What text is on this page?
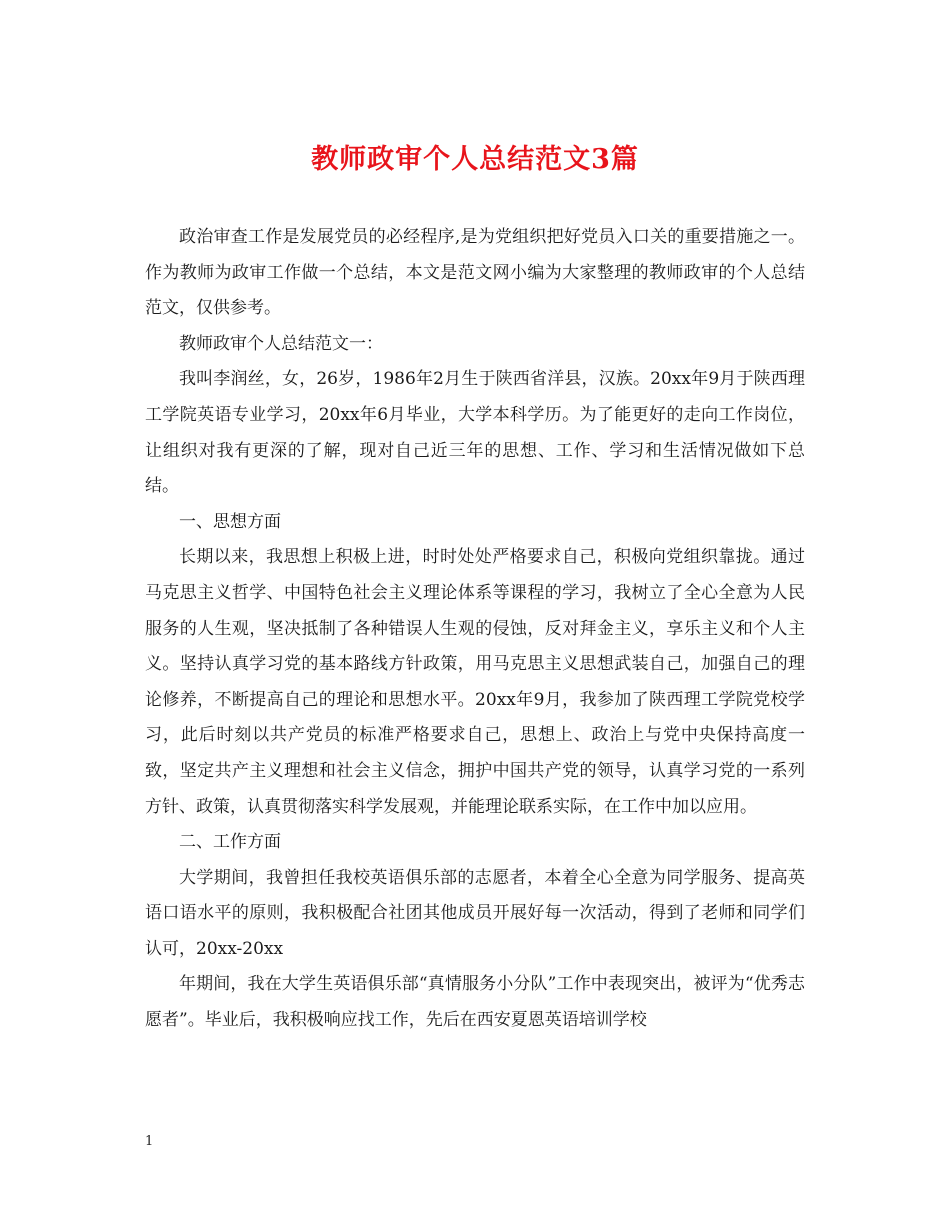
教师政审个人总结范文3篇

政治审查工作是发展党员的必经程序,是为党组织把好党员入口关的重要措施之一。作为教师为政审工作做一个总结，本文是范文网小编为大家整理的教师政审的个人总结范文，仅供参考。

教师政审个人总结范文一：

我叫李润丝，女，26岁，1986年2月生于陕西省洋县，汉族。20xx年9月于陕西理工学院英语专业学习，20xx年6月毕业，大学本科学历。为了能更好的走向工作岗位，让组织对我有更深的了解，现对自己近三年的思想、工作、学习和生活情况做如下总结。

一、思想方面

长期以来，我思想上积极上进，时时处处严格要求自己，积极向党组织靠拢。通过马克思主义哲学、中国特色社会主义理论体系等课程的学习，我树立了全心全意为人民服务的人生观，坚决抵制了各种错误人生观的侵蚀，反对拜金主义，享乐主义和个人主义。坚持认真学习党的基本路线方针政策，用马克思主义思想武装自己，加强自己的理论修养，不断提高自己的理论和思想水平。20xx年9月，我参加了陕西理工学院党校学习，此后时刻以共产党员的标准严格要求自己，思想上、政治上与党中央保持高度一致，坚定共产主义理想和社会主义信念，拥护中国共产党的领导，认真学习党的一系列方针、政策，认真贯彻落实科学发展观，并能理论联系实际，在工作中加以应用。

二、工作方面

大学期间，我曾担任我校英语俱乐部的志愿者，本着全心全意为同学服务、提高英语口语水平的原则，我积极配合社团其他成员开展好每一次活动，得到了老师和同学们认可，20xx-20xx

年期间，我在大学生英语俱乐部“真情服务小分队”工作中表现突出，被评为“优秀志愿者”。毕业后，我积极响应找工作，先后在西安夏恩英语培训学校

1
